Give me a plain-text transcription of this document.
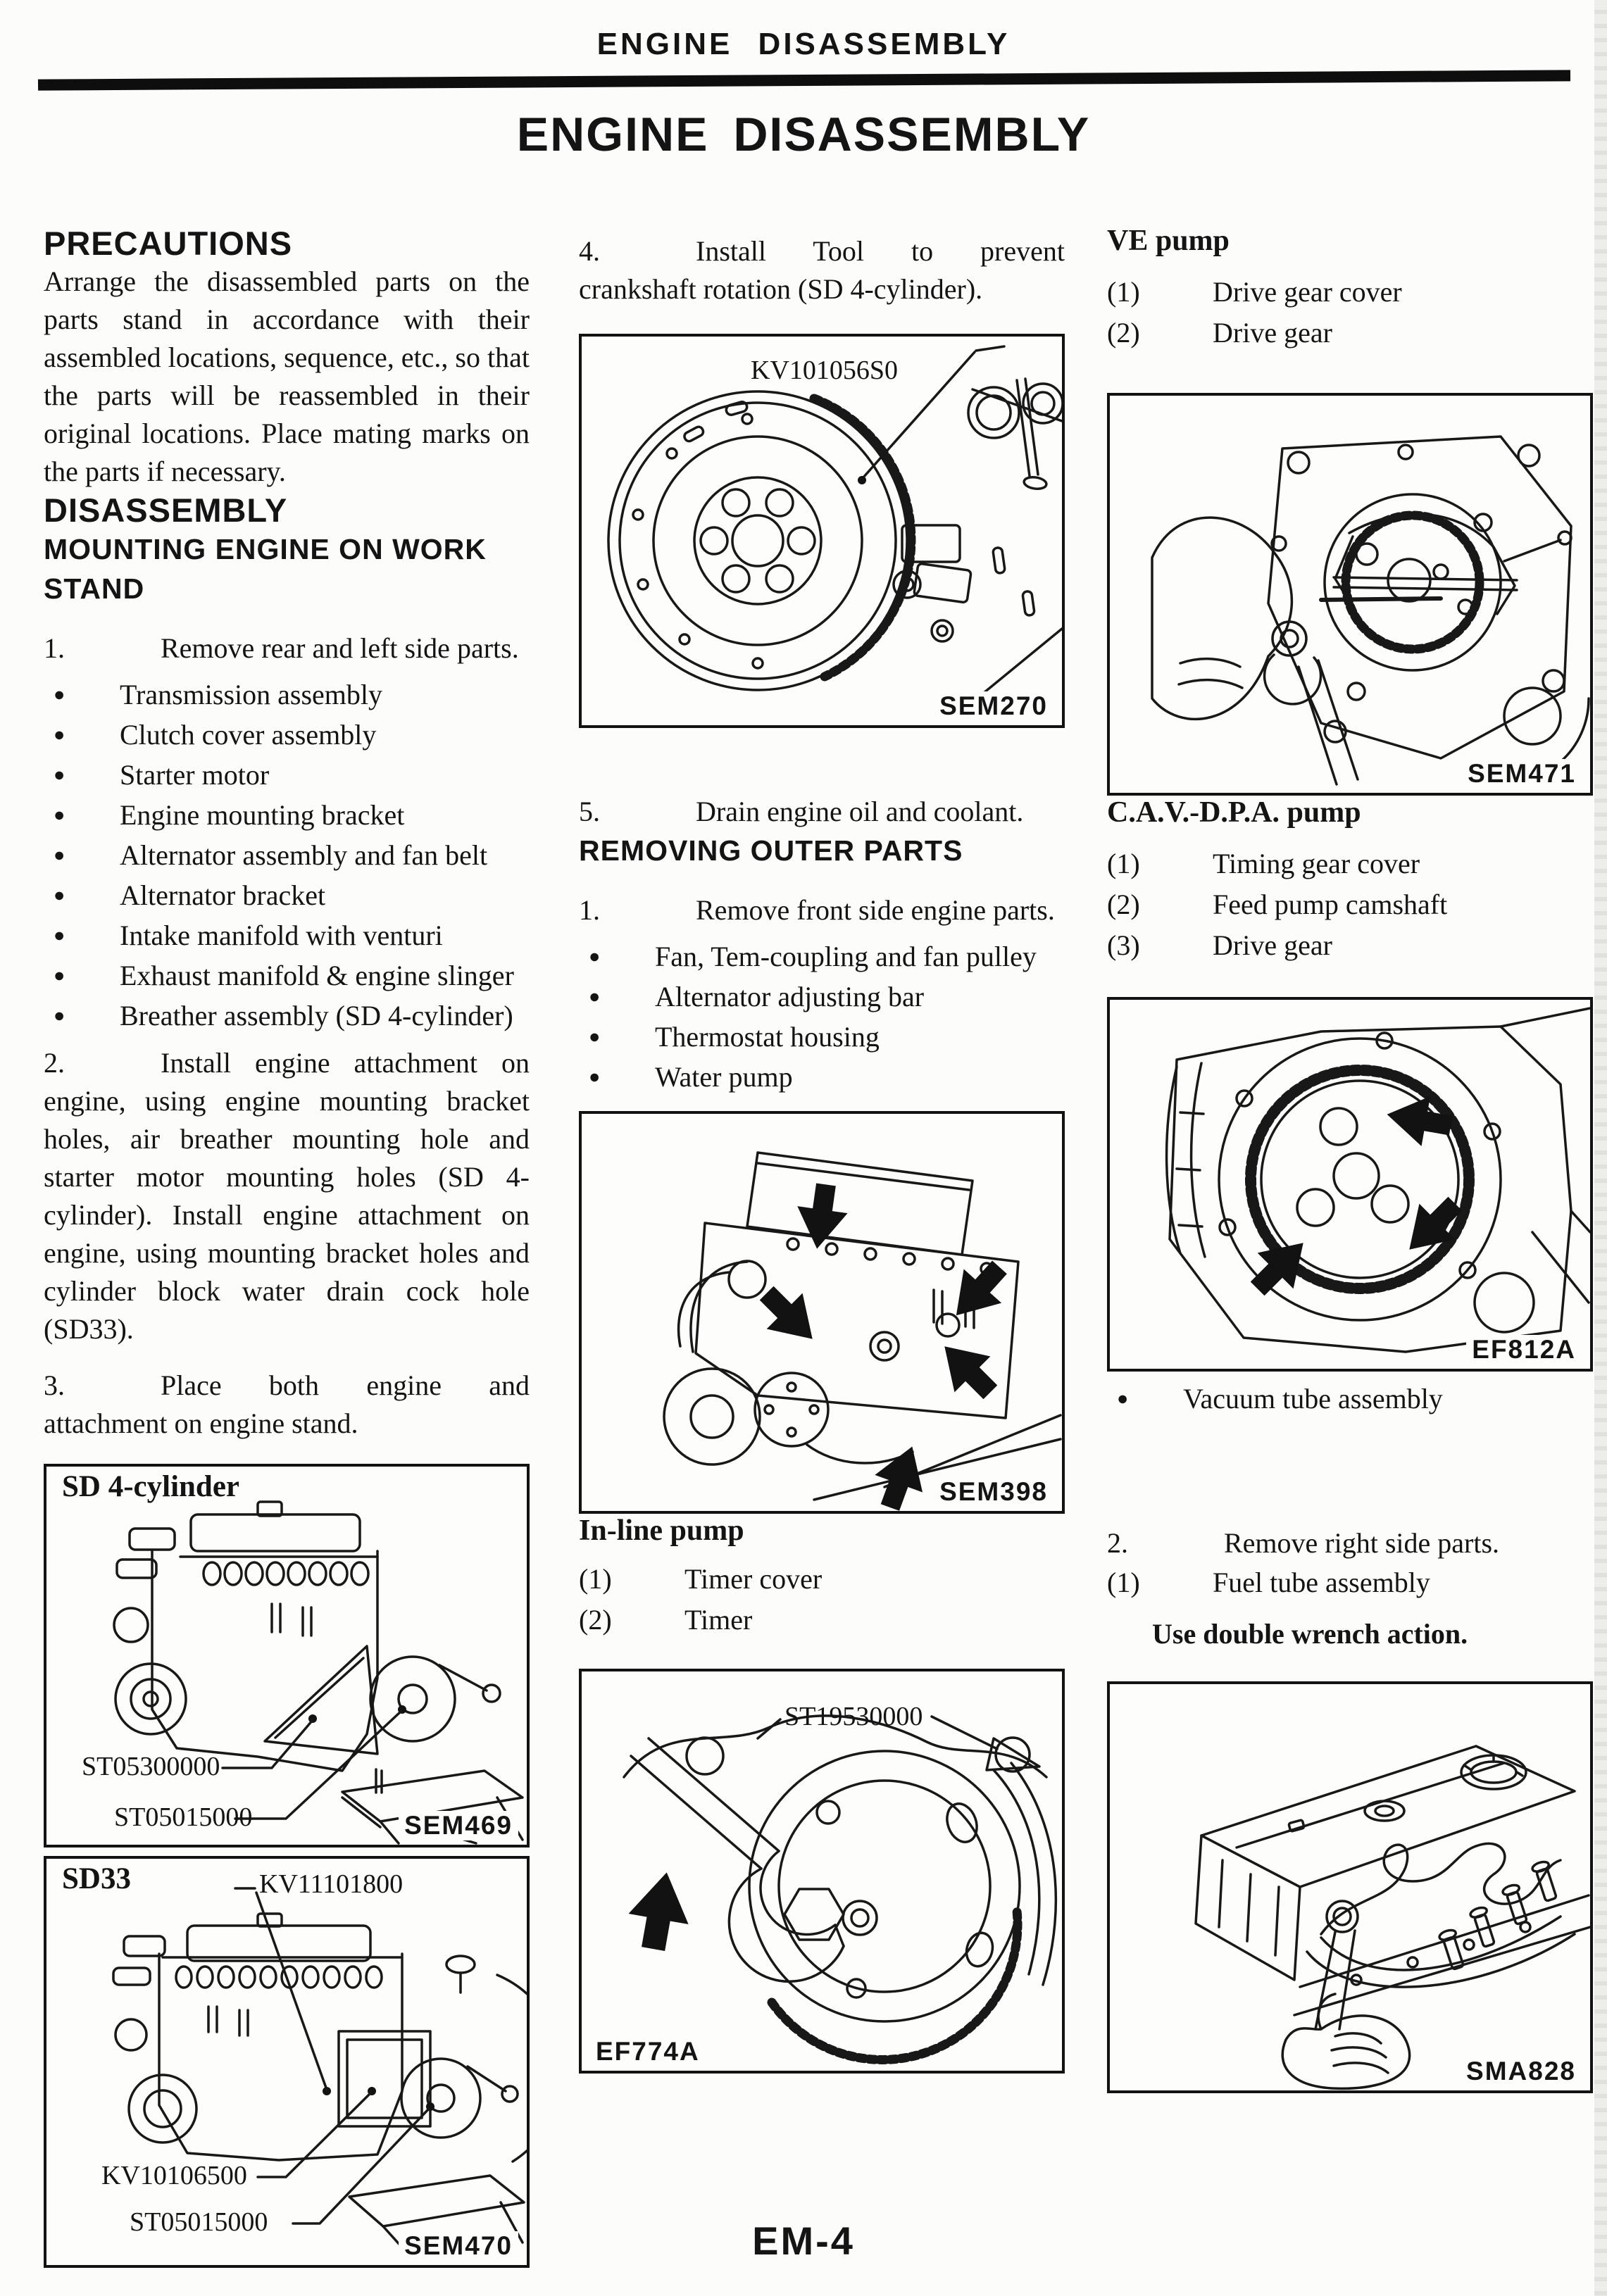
ENGINE DISASSEMBLY
ENGINE DISASSEMBLY
PRECAUTIONS

Arrange the disassembled parts on the parts stand in accordance with their assembled locations, sequence, etc., so that the parts will be reassembled in their original locations. Place mating marks on the parts if necessary.

DISASSEMBLY
MOUNTING ENGINE ON WORK STAND

1.	Remove rear and left side parts.

● Transmission assembly
● Clutch cover assembly
● Starter motor
● Engine mounting bracket
● Alternator assembly and fan belt
● Alternator bracket
● Intake manifold with venturi
● Exhaust manifold & engine slinger
● Breather assembly (SD 4-cylinder)

2.	Install engine attachment on engine, using engine mounting bracket holes, air breather mounting hole and starter motor mounting holes (SD 4-cylinder). Install engine attachment on engine, using mounting bracket holes and cylinder block water drain cock hole (SD33).

3.	Place both engine and attachment on engine stand.

SD 4-cylinder
ST05300000
ST05015000	SEM469
SD33	KV11101800
KV10106500
ST05015000
SEM470

4.	Install Tool to prevent crankshaft rotation (SD 4-cylinder).

KV101056S0
SEM270

5.	Drain engine oil and coolant.

REMOVING OUTER PARTS

1.	Remove front side engine parts.

● Fan, Tem-coupling and fan pulley
● Alternator adjusting bar
● Thermostat housing
● Water pump
SEM398
In-line pump

(1)	Timer cover

(2)	Timer

ST19530000
EF774A
VE pump

(1)	Drive gear cover

(2)	Drive gear

SEM471
C.A.V.-D.P.A. pump

(1)	Timing gear cover

(2)	Feed pump camshaft

(3)	Drive gear

EF812A
● Vacuum tube assembly

2.	Remove right side parts.

(1)	Fuel tube assembly

Use double wrench action.

SMA828
EM-4
